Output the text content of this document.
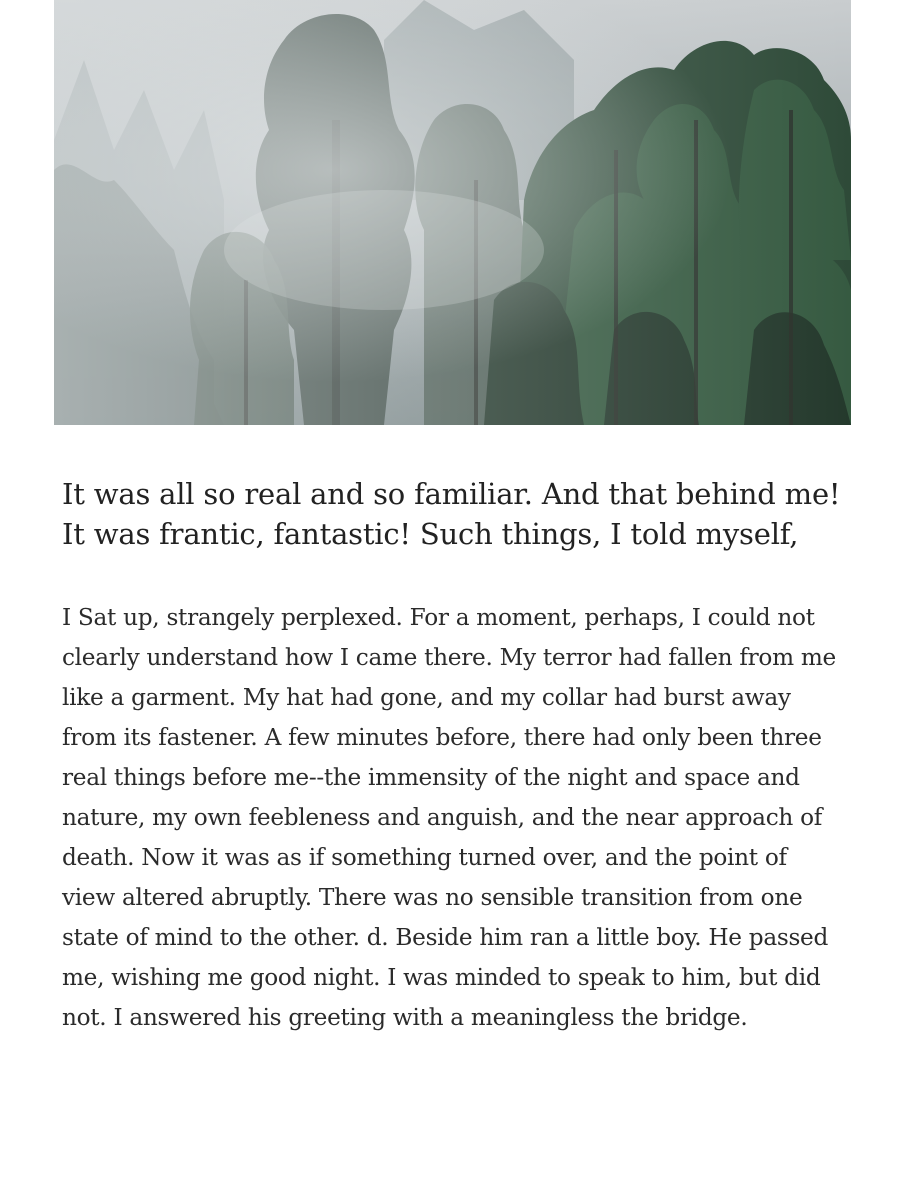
It was all so real and so familiar. And that behind me! It was frantic, fantastic! Such things, I told myself,

I Sat up, strangely perplexed. For a moment, perhaps, I could not clearly understand how I came there. My terror had fallen from me like a garment. My hat had gone, and my collar had burst away from its fastener. A few minutes before, there had only been three real things before me--the immensity of the night and space and nature, my own feebleness and anguish, and the near approach of death. Now it was as if something turned over, and the point of view altered abruptly. There was no sensible transition from one state of mind to the other. d. Beside him ran a little boy. He passed me, wishing me good night. I was minded to speak to him, but did not. I answered his greeting with a meaningless the bridge.
